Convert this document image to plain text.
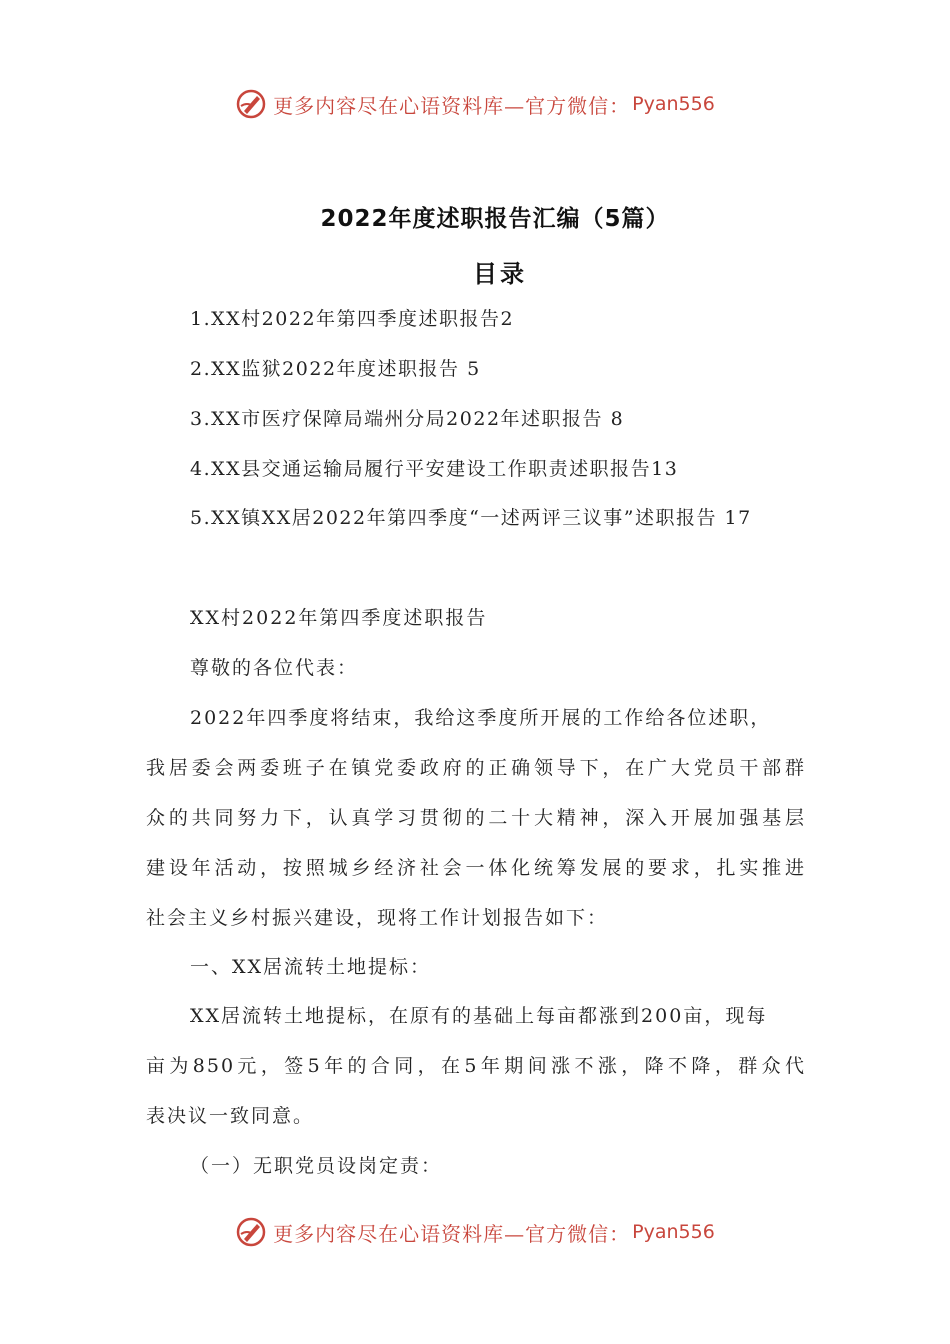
更多内容尽在心语资料库—官方微信： Pyan556
2022年度述职报告汇编（5篇）
目录
1.XX村2022年第四季度述职报告2
2.XX监狱2022年度述职报告 5
3.XX市医疗保障局端州分局2022年述职报告 8
4.XX县交通运输局履行平安建设工作职责述职报告13
5.XX镇XX居2022年第四季度“一述两评三议事”述职报告 17
XX村2022年第四季度述职报告
尊敬的各位代表：
2022年四季度将结束，我给这季度所开展的工作给各位述职，
我居委会两委班子在镇党委政府的正确领导下，在广大党员干部群
众的共同努力下，认真学习贯彻的二十大精神，深入开展加强基层
建设年活动，按照城乡经济社会一体化统筹发展的要求，扎实推进
社会主义乡村振兴建设，现将工作计划报告如下：
一、XX居流转土地提标：
XX居流转土地提标，在原有的基础上每亩都涨到200亩，现每
亩为850元，签5年的合同，在5年期间涨不涨，降不降，群众代
表决议一致同意。
（一）无职党员设岗定责：
更多内容尽在心语资料库—官方微信： Pyan556
